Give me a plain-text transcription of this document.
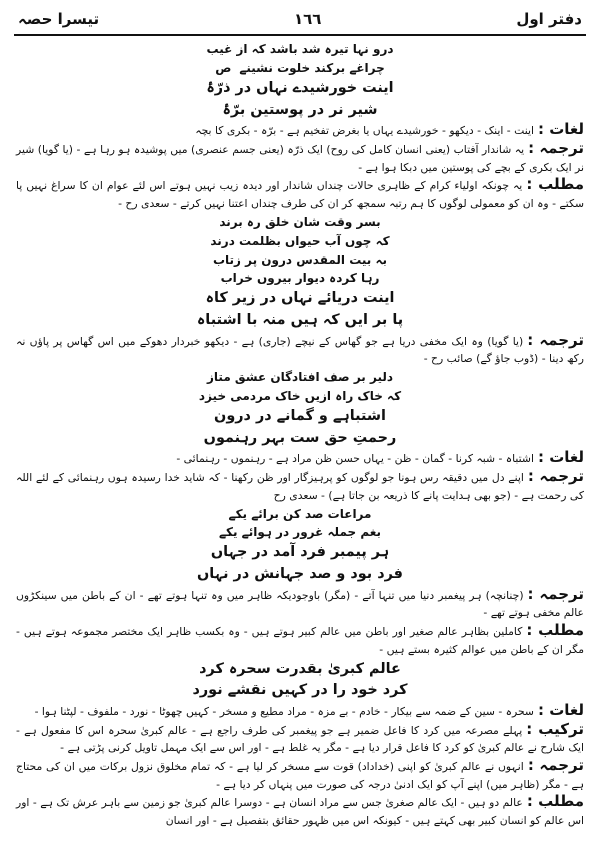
دفتر اول
١٦٦
تیسرا حصہ

درو نہا تیرہ شد باشد کہ از غیب

چراغے برکند خلوت نشینےص

اینت خورشیدے نہاں در ذرّۂ

شیر نر در پوستین برّۂ

لغات :اینت - اینک - دیکھو - خورشیدے یہاں یا بغرض تفخیم ہے - برّہ - بکری کا بچہ

ترجمہ :یہ شاندار آفتاب (یعنی انسان کامل کی روح) ایک ذرّہ (یعنی جسم عنصری) میں پوشیدہ ہو رہا ہے - (یا گویا) شیر نر ایک بکری کے بچے کی پوستین میں دبکا ہوا ہے -

مطلب :یہ چونکہ اولیاء کرام کے ظاہری حالات چنداں شاندار اور دیدہ زیب نہیں ہوتے اس لئے عوام ان کا سراغ نہیں پا سکتے - وہ ان کو معمولی لوگوں کا ہم رتبہ سمجھ کر ان کی طرف چنداں اعتنا نہیں کرتے - سعدی رح -

بسر وقت شان خلق رہ برند

کہ چوں آب حیواں بظلمت درند

بہ بیت المقدس درون پر زتاب

رہا کردہ دیوار بیروں خراب

اینت دریائے نہاں در زیر کاہ

پا بر ایں کہ ہیں منہ با اشتباہ

ترجمہ :(یا گویا) وہ ایک مخفی دریا ہے جو گھاس کے نیچے (جاری) ہے - دیکھو خبردار دھوکے میں اس گھاس پر پاؤں نہ رکھ دینا - (ڈوب جاؤ گے) صائب رح -

دلیر بر صف افتادگان عشق متاز

کہ خاک راہ ازیں خاک مردمی خیزد

اشتباہے و گمانے در درون

رحمتِ حق ست بہر رہنموں

لغات :اشتباہ - شبہ کرنا - گمان - ظن - یہاں حسن ظن مراد ہے - رہنموں - رہنمائی -

ترجمہ :اپنے دل میں دقیقہ رس ہونا جو لوگوں کو پرہیزگار اور ظن رکھنا - کہ شاید خدا رسیدہ ہوں رہنمائی کے لئے اللہ کی رحمت ہے - (جو بھی ہدایت پانے کا ذریعہ بن جاتا ہے) - سعدی رح

مراعات صد کن برائے یکے

بغم جملہ غرور در ہوائے یکے

ہر پیمبر فرد آمد در جہاں

فرد بود و صد جہانش در نہاں

ترجمہ :(چنانچہ) ہر پیغمبر دنیا میں تنہا آتے - (مگر) باوجودیکہ ظاہر میں وہ تنہا ہوتے تھے - ان کے باطن میں سینکڑوں عالم مخفی ہوتے تھے -

مطلب :کاملین بظاہر عالم صغیر اور باطن میں عالم کبیر ہوتے ہیں - وہ بکسب ظاہر ایک مختصر مجموعہ ہوتے ہیں - مگر ان کے باطن میں عوالم کثیرہ بستے ہیں -

عالم کبریٰ بقدرت سحرہ کرد

کرد خود را در کہیں نقشے نورد

لغات :سحرہ - سین کے ضمہ سے بیکار - خادم - بے مزہ - مراد مطیع و مسخر - کہیں چھوٹا - نورد - ملفوف - لپٹنا ہوا -

ترکیب :پہلے مصرعہ میں کرد کا فاعل ضمیر ہے جو پیغمبر کی طرف راجع ہے - عالم کبریٰ سحرہ اس کا مفعول ہے - ایک شارح نے عالم کبریٰ کو کرد کا فاعل قرار دیا ہے - مگر یہ غلط ہے - اور اس سے ایک مہمل تاویل کرنی پڑتی ہے -

ترجمہ :انہوں نے عالم کبریٰ کو اپنی (خداداد) قوت سے مسخر کر لیا ہے - کہ تمام مخلوق نزول برکات میں ان کی محتاج ہے - مگر (ظاہر میں) اپنے آپ کو ایک ادنیٰ درجہ کی صورت میں پنہاں کر دیا ہے -

مطلب :عالم دو ہیں - ایک عالم صغریٰ جس سے مراد انسان ہے - دوسرا عالم کبریٰ جو زمین سے باہر عرش تک ہے - اور اس عالم کو انسان کبیر بھی کہتے ہیں - کیونکہ اس میں ظہور حقائق بتفصیل ہے - اور انسان
